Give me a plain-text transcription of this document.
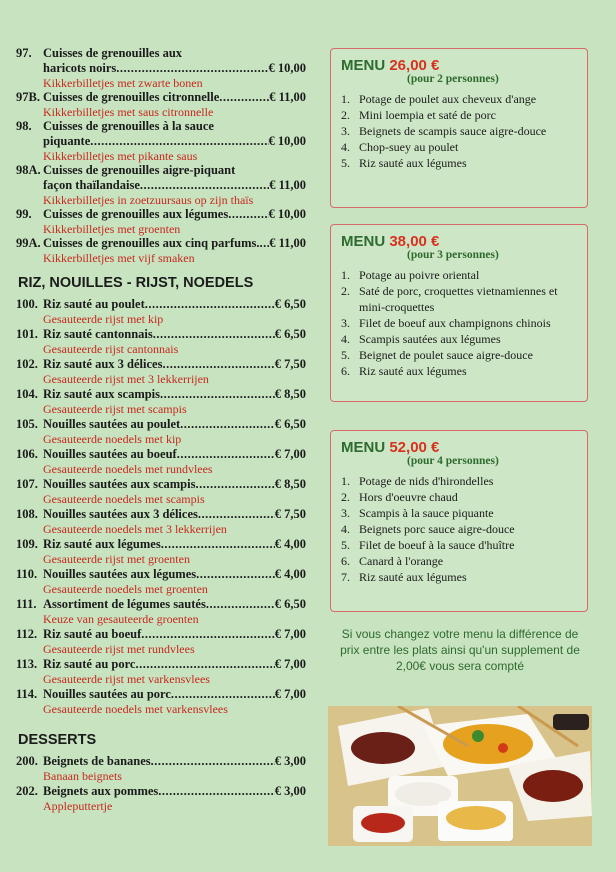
97. Cuisses de grenouilles aux
haricots noirs .....	€ 10,00
Kikkerbilletjes met zwarte bonen
97B. Cuisses de grenouilles citronnelle .....	€ 11,00
Kikkerbilletjes met saus citronnelle
98. Cuisses de grenouilles à la sauce
piquante .....	€ 10,00
Kikkerbilletjes met pikante saus
98A. Cuisses de grenouilles aigre-piquant
façon thaïlandaise .....	€ 11,00
Kikkerbilletjes in zoetzuursaus op zijn thaïs
99. Cuisses de grenouilles aux légumes .....	€ 10,00
Kikkerbilletjes met groenten
99A. Cuisses de grenouilles aux cinq parfums. ..... € 11,00
Kikkerbilletjes met vijf smaken
RIZ, NOUILLES - RIJST, NOEDELS
100. Riz sauté au poulet .....	€ 6,50
Gesauteerde rijst met kip
101. Riz sauté cantonnais .....	€ 6,50
Gesauteerde rijst cantonnais
102. Riz sauté aux 3 délices .....	€ 7,50
Gesauteerde rijst met 3 lekkerrijen
104. Riz sauté aux scampis .....	€ 8,50
Gesauteerde rijst met scampis
105. Nouilles sautées au poulet .....	€ 6,50
Gesauteerde noedels met kip
106. Nouilles sautées au boeuf .....	€ 7,00
Gesauteerde noedels met rundvlees
107. Nouilles sautées aux scampis .....	€ 8,50
Gesauteerde noedels met scampis
108. Nouilles sautées aux 3 délices .....	€ 7,50
Gesauteerde noedels met 3 lekkerrijen
109. Riz sauté aux légumes .....	€ 4,00
Gesauteerde rijst met groenten
110. Nouilles sautées aux légumes .....	€ 4,00
Gesauteerde noedels met groenten
111. Assortiment de légumes sautés .....	€ 6,50
Keuze van gesauteerde groenten
112. Riz sauté au boeuf .....	€ 7,00
Gesauteerde rijst met rundvlees
113. Riz sauté au porc .....	€ 7,00
Gesauteerde rijst met varkensvlees
114. Nouilles sautées au porc .....	€ 7,00
Gesauteerde noedels met varkensvlees
DESSERTS
200. Beignets de bananes .....	€ 3,00
Banaan beignets
202. Beignets aux pommes .....	€ 3,00
Appleputtertje
MENU 26,00 €
(pour 2 personnes)
1. Potage de poulet aux cheveux d'ange
2. Mini loempia et saté de porc
3. Beignets de scampis sauce aigre-douce
4. Chop-suey au poulet
5. Riz sauté aux légumes
MENU 38,00 €
(pour 3 personnes)
1. Potage au poivre oriental
2. Saté de porc, croquettes vietnamiennes et mini-croquettes
3. Filet de boeuf aux champignons chinois
4. Scampis sautées aux légumes
5. Beignet de poulet sauce aigre-douce
6. Riz sauté aux légumes
MENU 52,00 €
(pour 4 personnes)
1. Potage de nids d'hirondelles
2. Hors d'oeuvre chaud
3. Scampis à la sauce piquante
4. Beignets porc sauce aigre-douce
5. Filet de boeuf à la sauce d'huître
6. Canard à l'orange
7. Riz sauté aux légumes
Si vous changez votre menu la différence de prix entre les plats ainsi qu'un supplement de 2,00€ vous sera compté
